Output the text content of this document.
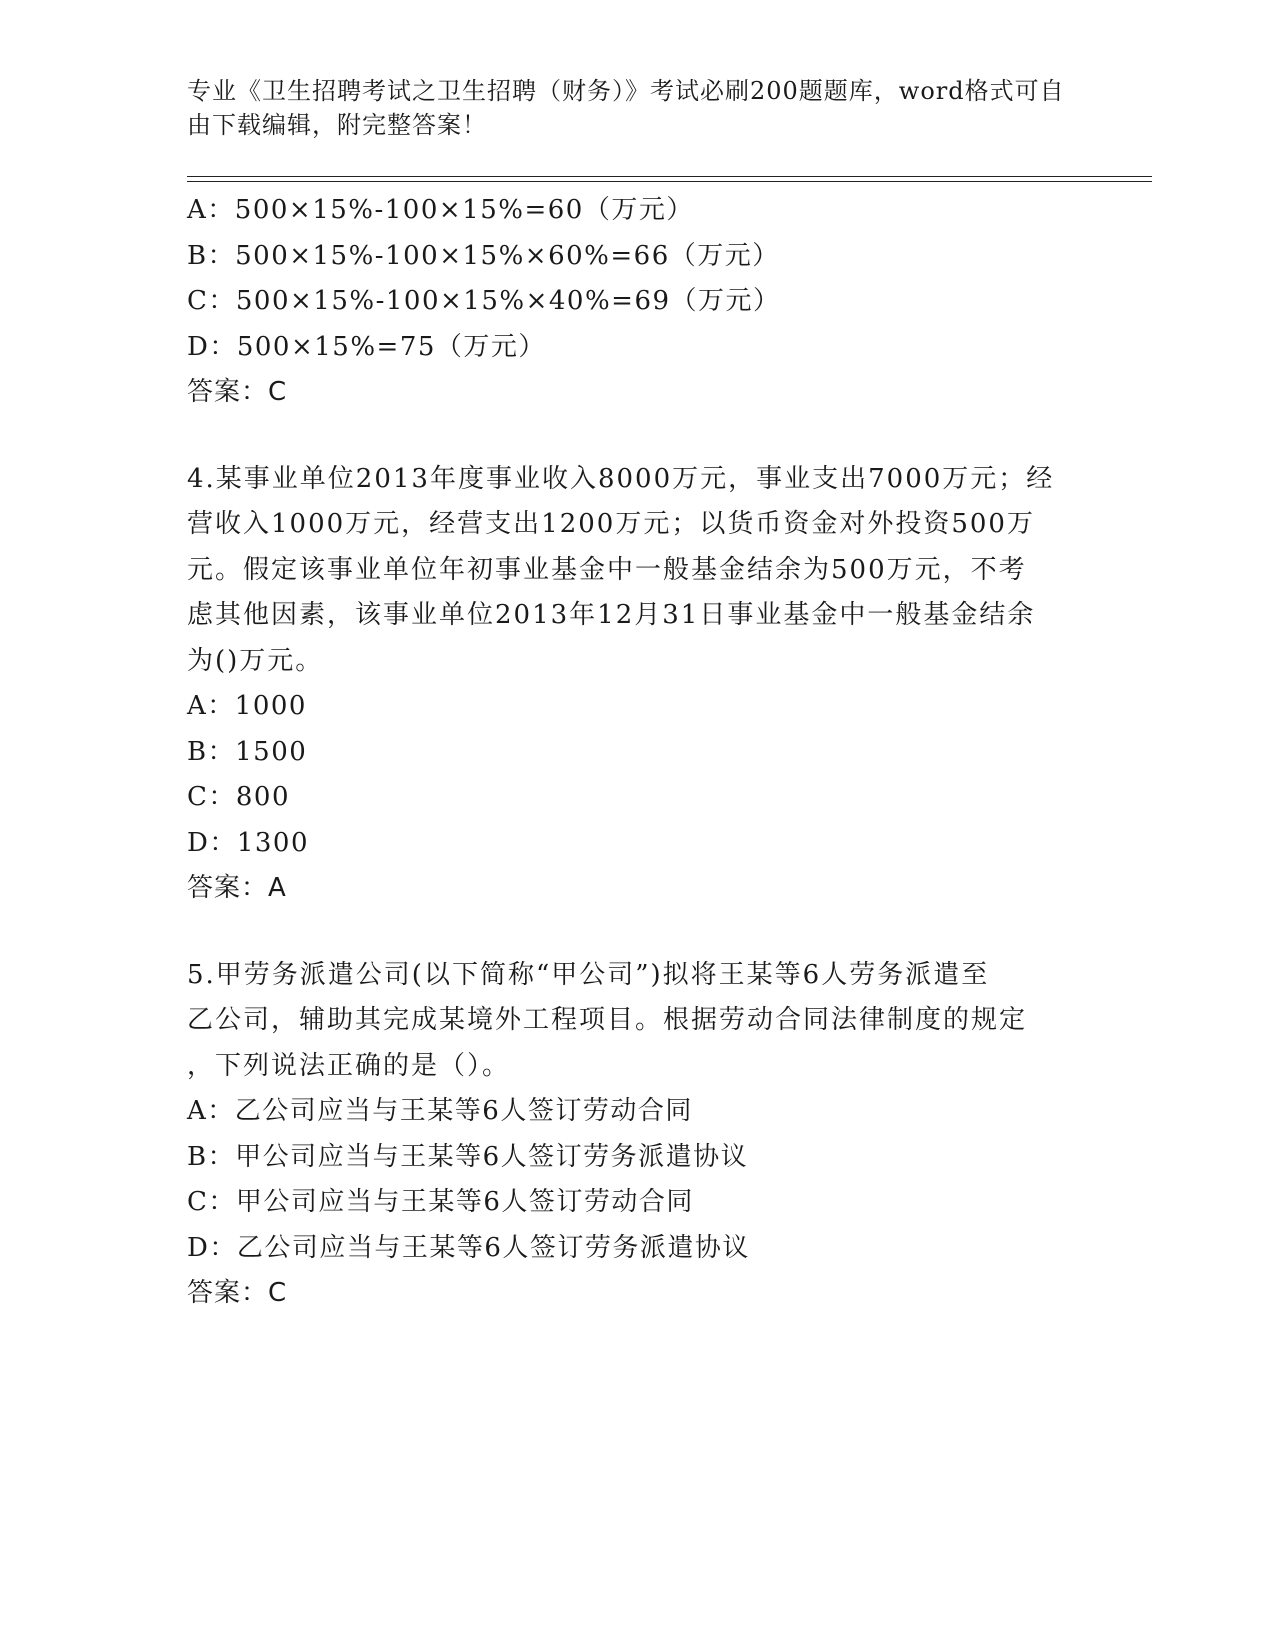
专业《卫生招聘考试之卫生招聘（财务）》考试必刷200题题库，word格式可自由下载编辑，附完整答案！
A：500×15%-100×15%=60（万元）
B：500×15%-100×15%×60%=66（万元）
C：500×15%-100×15%×40%=69（万元）
D：500×15%=75（万元）
答案：C
4.某事业单位2013年度事业收入8000万元，事业支出7000万元；经
营收入1000万元，经营支出1200万元；以货币资金对外投资500万
元。假定该事业单位年初事业基金中一般基金结余为500万元，不考
虑其他因素，该事业单位2013年12月31日事业基金中一般基金结余
为()万元。
A：1000
B：1500
C：800
D：1300
答案：A
5.甲劳务派遣公司(以下简称“甲公司”)拟将王某等6人劳务派遣至
乙公司，辅助其完成某境外工程项目。根据劳动合同法律制度的规定
，下列说法正确的是（）。
A：乙公司应当与王某等6人签订劳动合同
B：甲公司应当与王某等6人签订劳务派遣协议
C：甲公司应当与王某等6人签订劳动合同
D：乙公司应当与王某等6人签订劳务派遣协议
答案：C
